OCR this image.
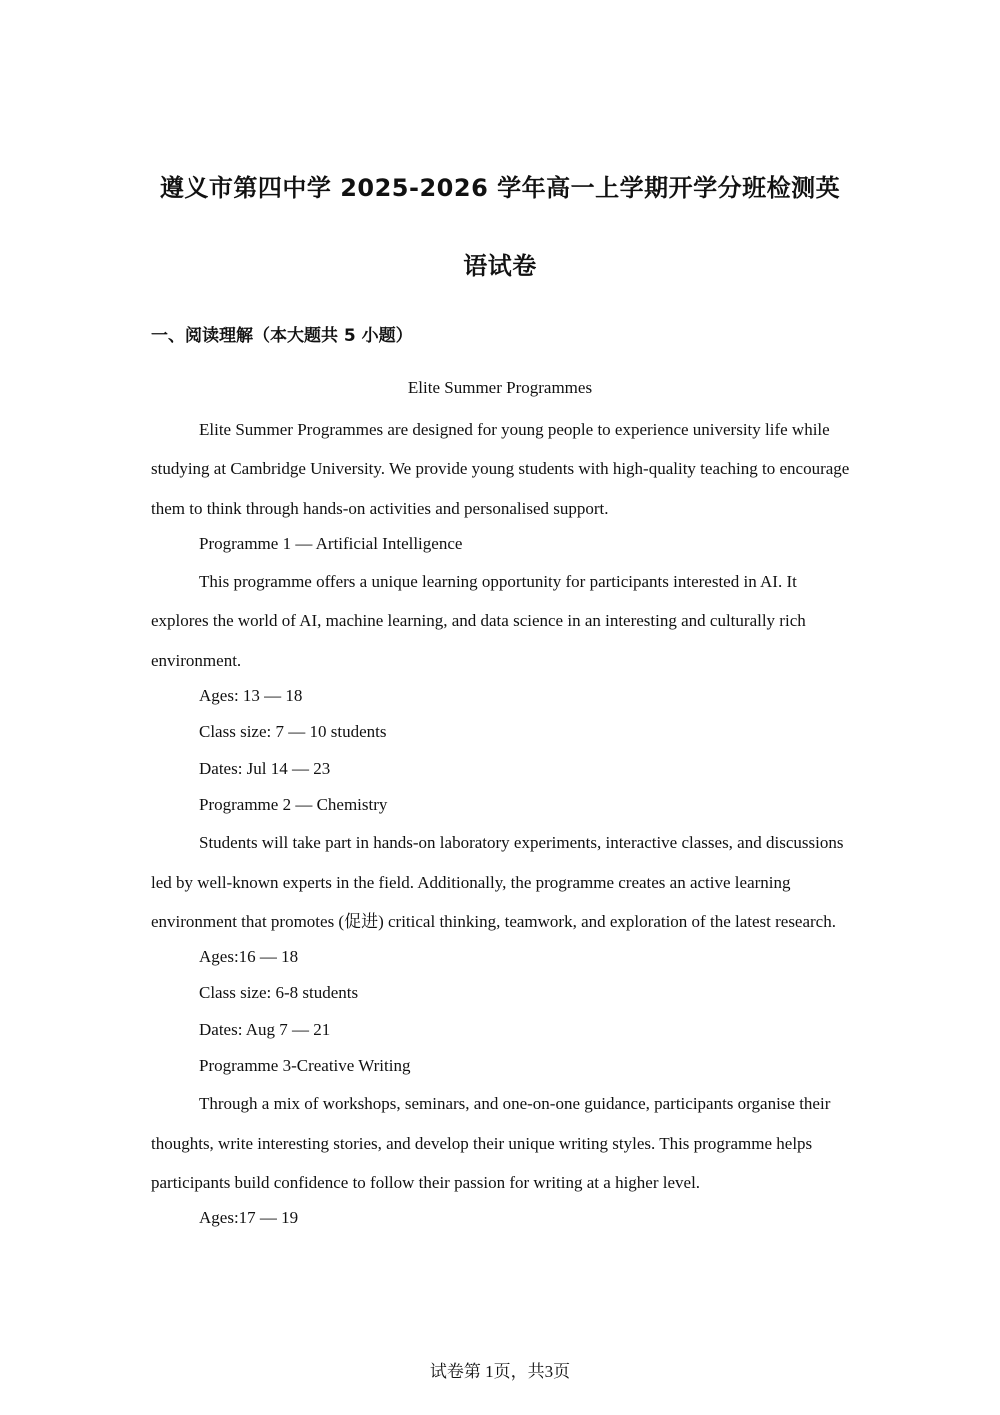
遵义市第四中学 2025-2026 学年高一上学期开学分班检测英
语试卷
一、阅读理解（本大题共 5 小题）
Elite Summer Programmes

Elite Summer Programmes are designed for young people to experience university life while studying at Cambridge University. We provide young students with high-quality teaching to encourage them to think through hands-on activities and personalised support.

Programme 1 — Artificial Intelligence

This programme offers a unique learning opportunity for participants interested in AI. It explores the world of AI, machine learning, and data science in an interesting and culturally rich environment.

Ages: 13 — 18

Class size: 7 — 10 students

Dates: Jul 14 — 23

Programme 2 — Chemistry

Students will take part in hands-on laboratory experiments, interactive classes, and discussions led by well-known experts in the field. Additionally, the programme creates an active learning environment that promotes (促进) critical thinking, teamwork, and exploration of the latest research.

Ages:16 — 18

Class size: 6-8 students

Dates: Aug 7 — 21

Programme 3-Creative Writing

Through a mix of workshops, seminars, and one-on-one guidance, participants organise their thoughts, write interesting stories, and develop their unique writing styles. This programme helps participants build confidence to follow their passion for writing at a higher level.

Ages:17 — 19

试卷第 1页，共3页
